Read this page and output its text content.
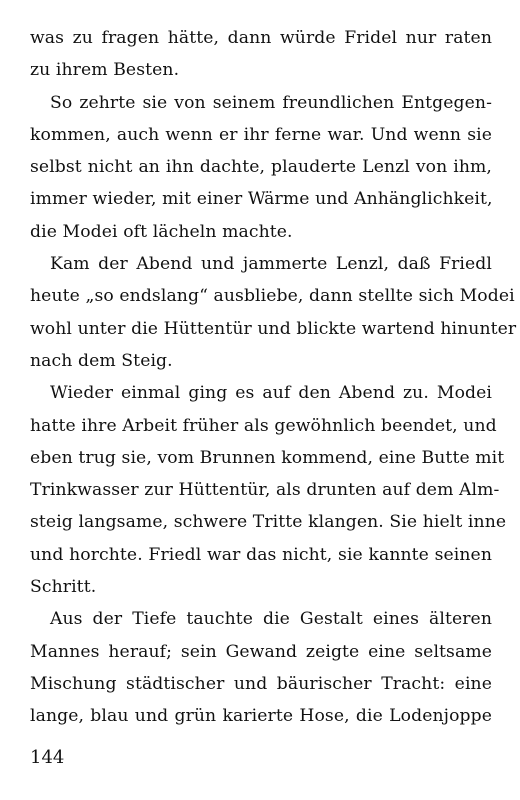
was zu fragen hätte, dann würde Fridel nur raten
zu ihrem Besten.
So zehrte sie von seinem freundlichen Entgegen-
kommen, auch wenn er ihr ferne war. Und wenn sie
selbst nicht an ihn dachte, plauderte Lenzl von ihm,
immer wieder, mit einer Wärme und Anhänglichkeit,
die Modei oft lächeln machte.
Kam der Abend und jammerte Lenzl, daß Friedl
heute „so endslang“ ausbliebe, dann stellte sich Modei
wohl unter die Hüttentür und blickte wartend hinunter
nach dem Steig.
Wieder einmal ging es auf den Abend zu. Modei
hatte ihre Arbeit früher als gewöhnlich beendet, und
eben trug sie, vom Brunnen kommend, eine Butte mit
Trinkwasser zur Hüttentür, als drunten auf dem Alm-
steig langsame, schwere Tritte klangen. Sie hielt inne
und horchte. Friedl war das nicht, sie kannte seinen
Schritt.
Aus der Tiefe tauchte die Gestalt eines älteren
Mannes herauf; sein Gewand zeigte eine seltsame
Mischung städtischer und bäurischer Tracht: eine
lange, blau und grün karierte Hose, die Lodenjoppe
144
